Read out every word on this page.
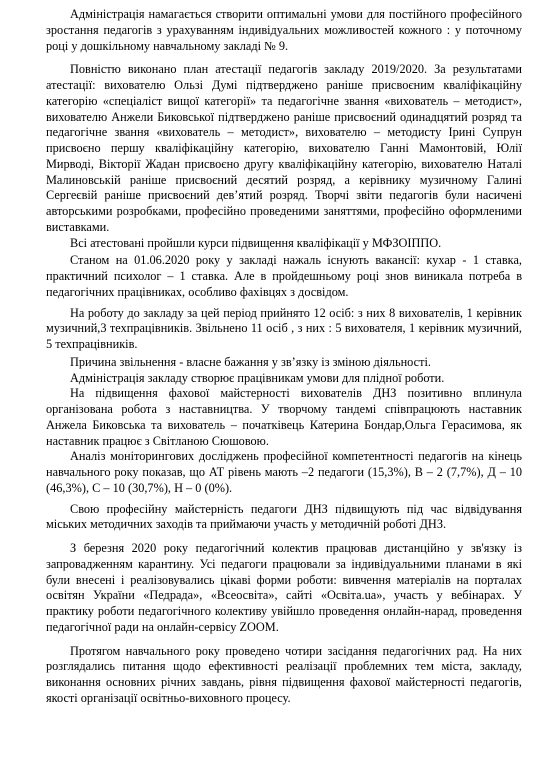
Адміністрація намагається створити оптимальні умови для постійного професійного зростання педагогів з урахуванням індивідуальних можливостей кожного : у поточному році у дошкільному навчальному закладі № 9.

Повністю виконано план атестації педагогів закладу 2019/2020. За результатами атестації: вихователю Ользі Думі підтверджено раніше присвоєним кваліфікаційну категорію «спеціаліст вищої категорії» та педагогічне звання «вихователь – методист», вихователю Анжели Биковської підтверджено раніше присвоєний одинадцятий розряд та педагогічне звання «вихователь – методист», вихователю – методисту Ірині Супрун присвоєно першу кваліфікаційну категорію, вихователю Ганні Мамонтовій, Юлії Мирводі, Вікторії Жадан присвоєно другу кваліфікаційну категорію, вихователю Наталі Малиновській раніше присвоєний десятий розряд, а керівнику музичному Галині Сергеєвій раніше присвоєний дев’ятий розряд. Творчі звіти педагогів були насичені авторськими розробками, професійно проведеними заняттями, професійно оформленими виставками.

Всі атестовані пройшли курси підвищення кваліфікації у МФЗОІППО.

Станом на 01.06.2020 року у закладі нажаль існують вакансії: кухар - 1 ставка, практичний психолог – 1 ставка. Але в пройдешньому році знов виникала потреба в педагогічних працівниках, особливо фахівцях з досвідом.

На роботу до закладу за цей період прийнято 12 осіб: з них 8 вихователів, 1 керівник музичний,3 техпрацівників. Звільнено 11 осіб , з них : 5 вихователя, 1 керівник музичний, 5 техпрацівників.

Причина звільнення - власне бажання у зв’язку із зміною діяльності.

Адміністрація закладу створює працівникам умови для плідної роботи.

На підвищення фахової майстерності вихователів ДНЗ позитивно вплинула організована робота з наставництва. У творчому тандемі співпрацюють наставник Анжела Биковська та вихователь – початківець Катерина Бондар,Ольга Герасимова, як наставник працює з Світланою Сюшовою.

Аналіз моніторингових досліджень професійної компетентності педагогів на кінець навчального року показав, що АТ рівень мають –2 педагоги (15,3%), В – 2 (7,7%), Д – 10 (46,3%), С – 10 (30,7%), Н – 0 (0%).

Свою професійну майстерність педагоги ДНЗ підвищують під час відвідування міських методичних заходів та приймаючи участь у методичній роботі ДНЗ.

З березня 2020 року педагогічний колектив працював дистанційно у зв'язку із запровадженням карантину. Усі педагоги працювали за індивідуальними планами в які були внесені і реалізовувались цікаві форми роботи: вивчення матеріалів на порталах освітян України «Педрада», «Всеосвіта», сайті «Освіта.ua», участь у вебінарах. У практику роботи педагогічного колективу увійшло проведення онлайн-нарад, проведення педагогічної ради на онлайн-сервісу ZOOM.

Протягом навчального року проведено чотири засідання педагогічних рад. На них розглядались питання щодо ефективності реалізації проблемних тем міста, закладу, виконання основних річних завдань, рівня підвищення фахової майстерності педагогів, якості організації освітньо-виховного процесу.
